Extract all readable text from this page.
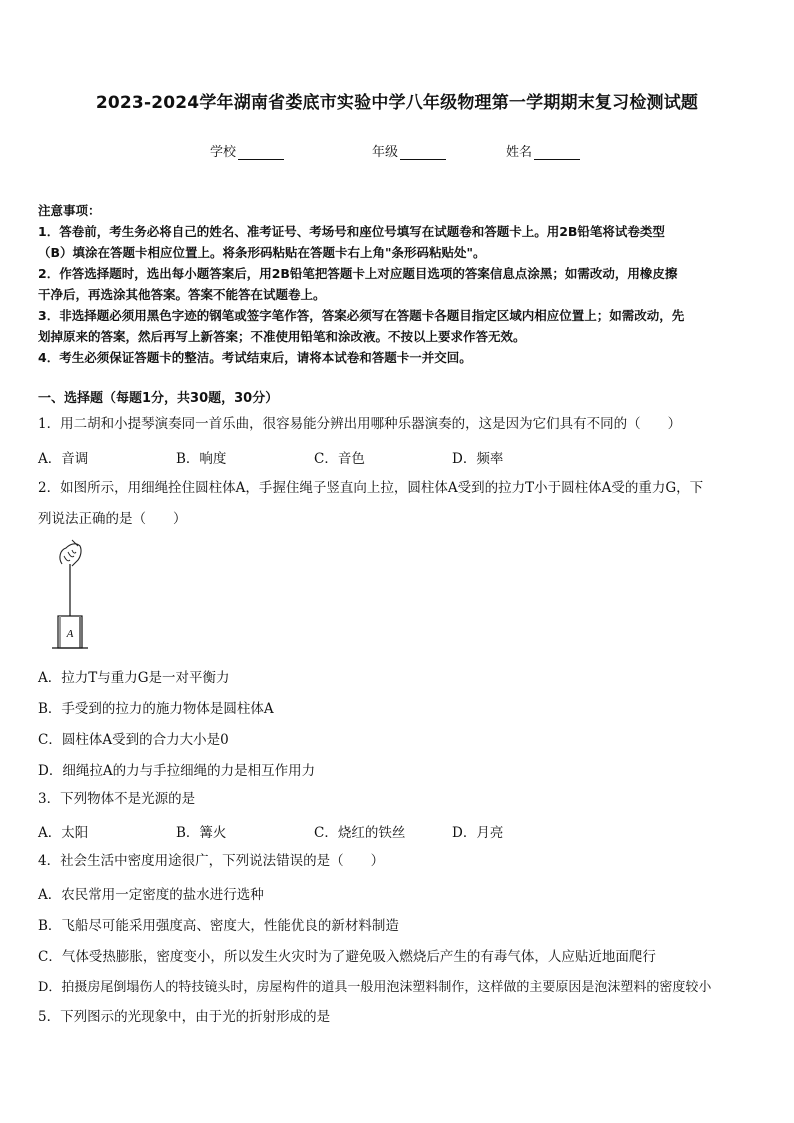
2023-2024学年湖南省娄底市实验中学八年级物理第一学期期末复习检测试题
学校	年级	姓名
注意事项：
1．答卷前，考生务必将自己的姓名、准考证号、考场号和座位号填写在试题卷和答题卡上。用2B铅笔将试卷类型
（B）填涂在答题卡相应位置上。将条形码粘贴在答题卡右上角"条形码粘贴处"。
2．作答选择题时，选出每小题答案后，用2B铅笔把答题卡上对应题目选项的答案信息点涂黑；如需改动，用橡皮擦
干净后，再选涂其他答案。答案不能答在试题卷上。
3．非选择题必须用黑色字迹的钢笔或签字笔作答，答案必须写在答题卡各题目指定区域内相应位置上；如需改动，先
划掉原来的答案，然后再写上新答案；不准使用铅笔和涂改液。不按以上要求作答无效。
4．考生必须保证答题卡的整洁。考试结束后，请将本试卷和答题卡一并交回。
一、选择题（每题1分，共30题，30分）
1．用二胡和小提琴演奏同一首乐曲，很容易能分辨出用哪种乐器演奏的，这是因为它们具有不同的（　　）
A．音调	B．响度	C．音色	D．频率
2．如图所示，用细绳拴住圆柱体A，手握住绳子竖直向上拉，圆柱体A受到的拉力T小于圆柱体A受的重力G，下
列说法正确的是（　　）
A
A．拉力T与重力G是一对平衡力
B．手受到的拉力的施力物体是圆柱体A
C．圆柱体A受到的合力大小是0
D．细绳拉A的力与手拉细绳的力是相互作用力
3．下列物体不是光源的是
A．太阳	B．篝火	C．烧红的铁丝	D．月亮
4．社会生活中密度用途很广，下列说法错误的是（　　）
A．农民常用一定密度的盐水进行选种
B．飞船尽可能采用强度高、密度大，性能优良的新材料制造
C．气体受热膨胀，密度变小，所以发生火灾时为了避免吸入燃烧后产生的有毒气体，人应贴近地面爬行
D．拍摄房尾倒塌伤人的特技镜头时，房屋构件的道具一般用泡沫塑料制作，这样做的主要原因是泡沫塑料的密度较小
5．下列图示的光现象中，由于光的折射形成的是
